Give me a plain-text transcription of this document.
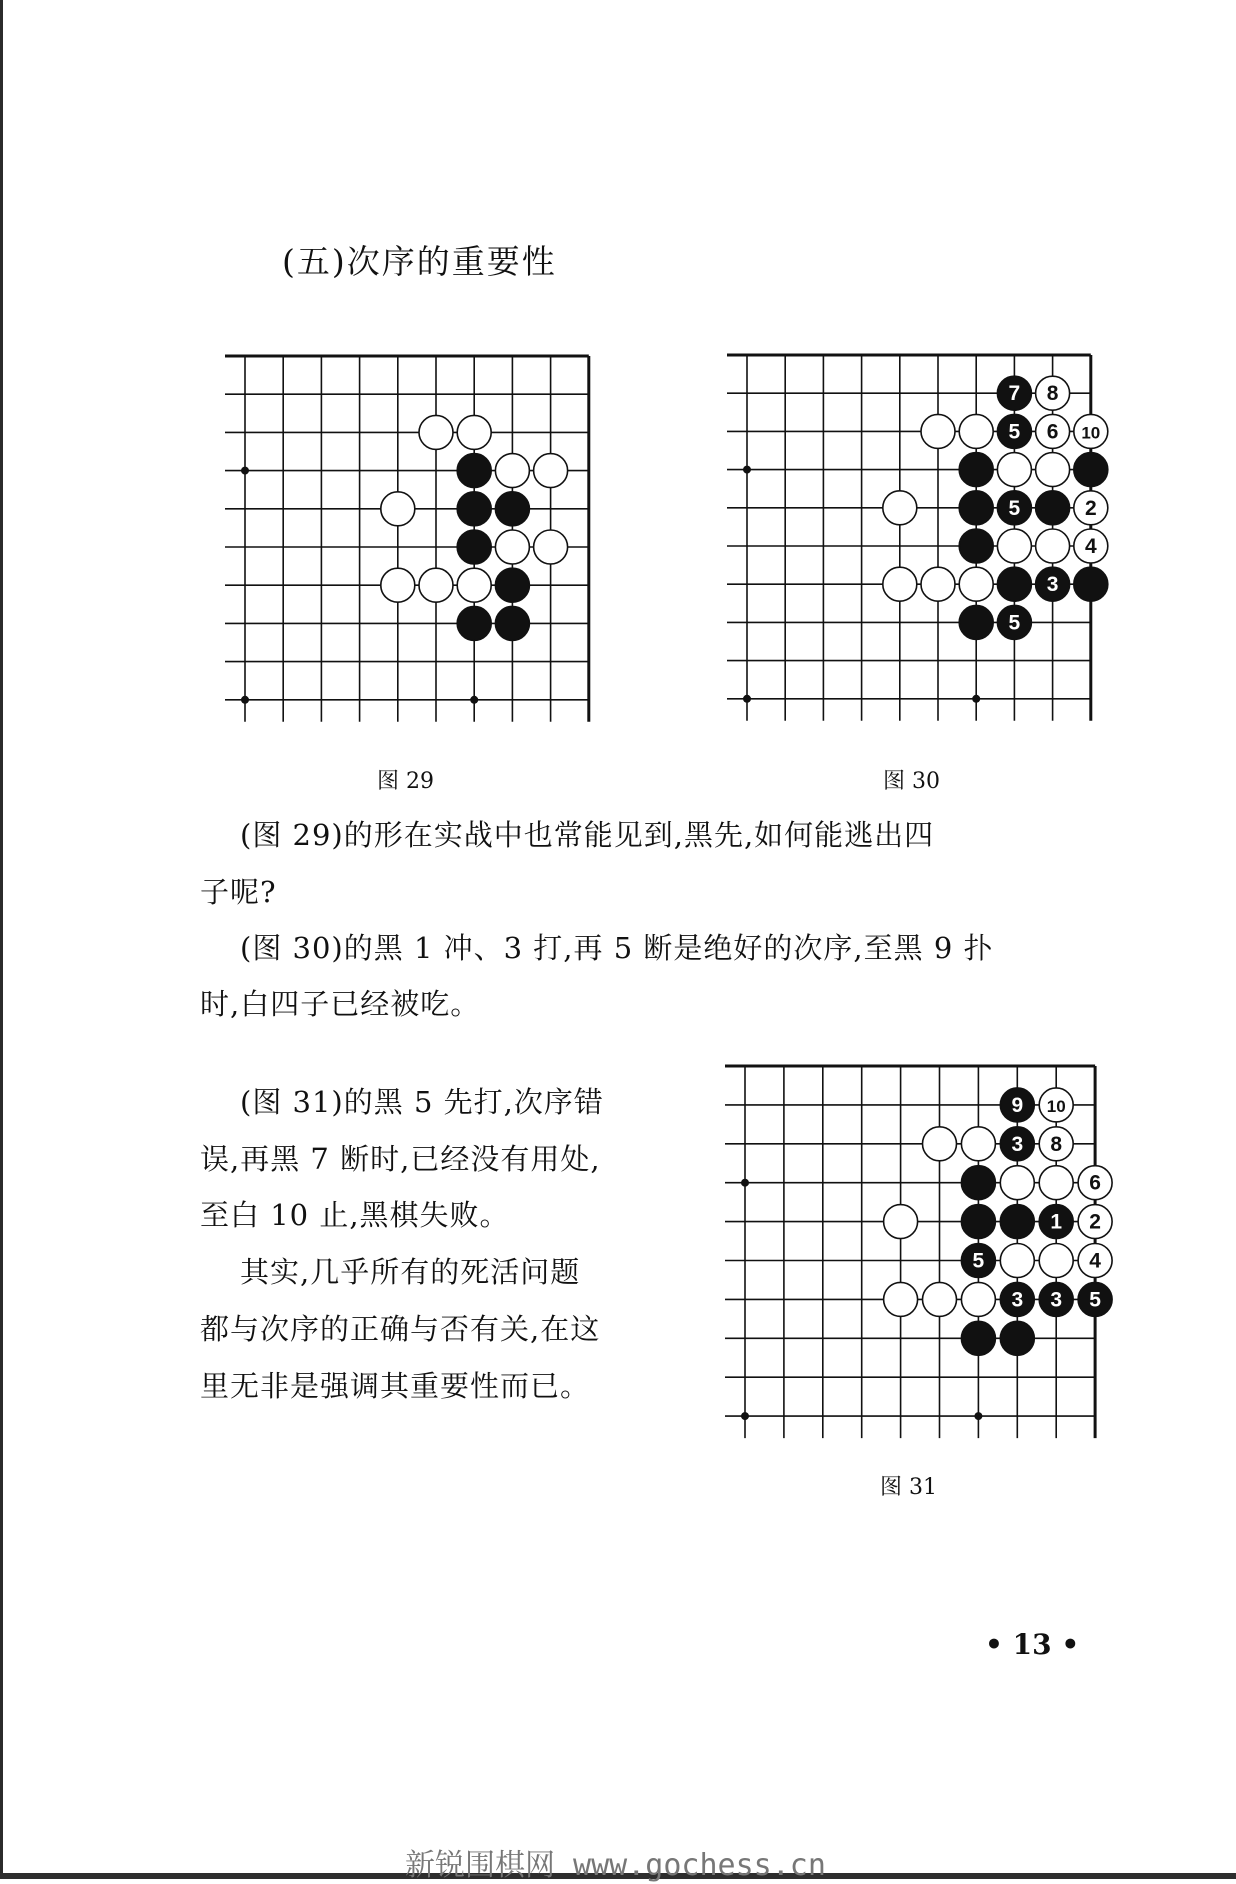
(五)次序的重要性
7 8
5 6 10
5	2
4
3
5
9 10
3 8
6
1 2
5	4
3 3 5
图 29	图 30
图 31
(图 29)的形在实战中也常能见到,黑先,如何能逃出四
子呢?
(图 30)的黑 1 冲、3 打,再 5 断是绝好的次序,至黑 9 扑
时,白四子已经被吃。
(图 31)的黑 5 先打,次序错
误,再黑 7 断时,已经没有用处,
至白 10 止,黑棋失败。
其实,几乎所有的死活问题
都与次序的正确与否有关,在这
里无非是强调其重要性而已。
• 13 •
新锐围棋网 www.gochess.cn
